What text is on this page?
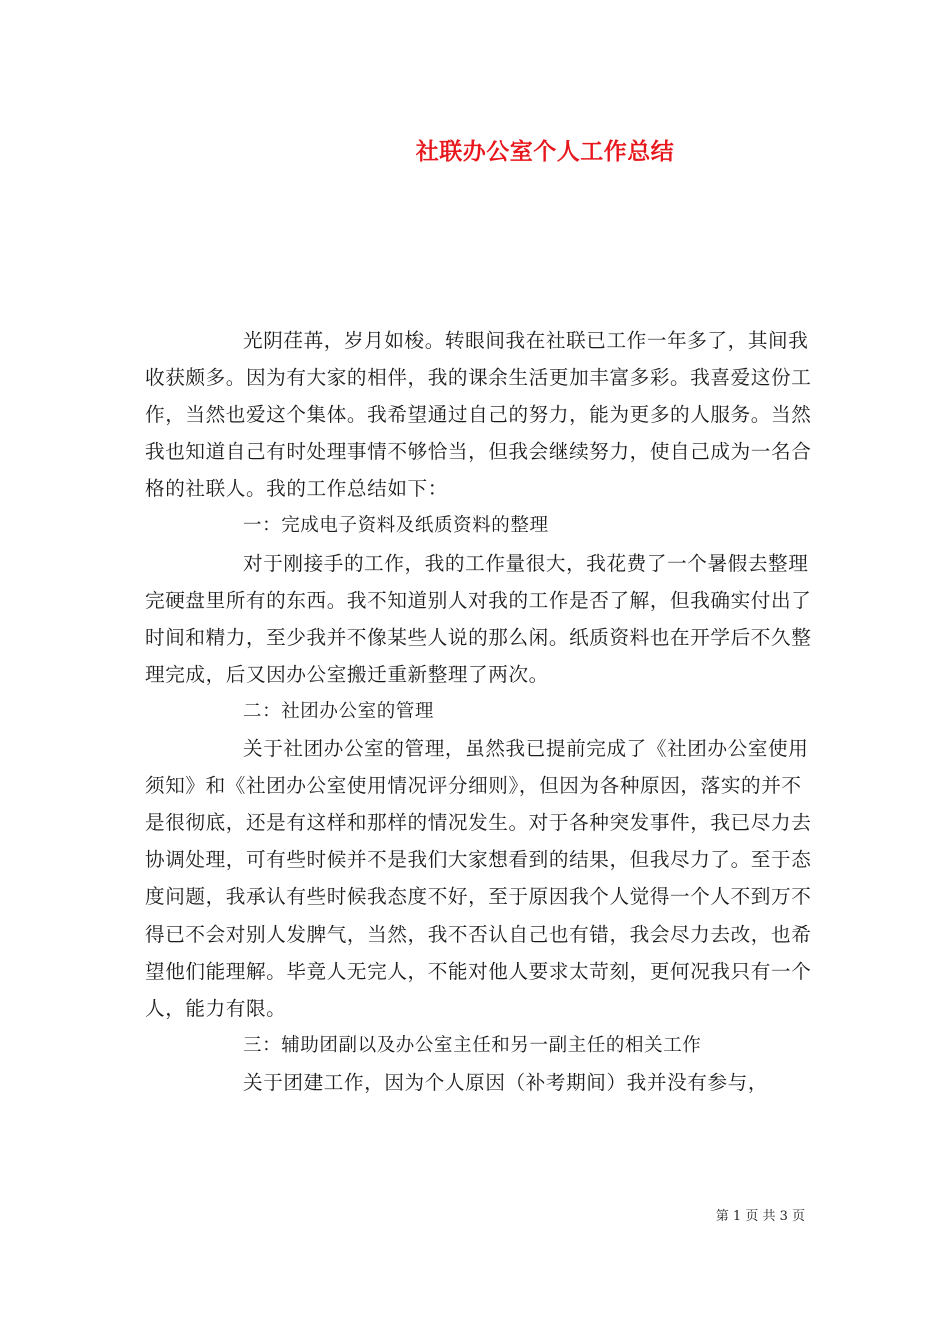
社联办公室个人工作总结

光阴荏苒，岁月如梭。转眼间我在社联已工作一年多了，其间我收获颇多。因为有大家的相伴，我的课余生活更加丰富多彩。我喜爱这份工作，当然也爱这个集体。我希望通过自己的努力，能为更多的人服务。当然我也知道自己有时处理事情不够恰当，但我会继续努力，使自己成为一名合格的社联人。我的工作总结如下：

一：完成电子资料及纸质资料的整理

对于刚接手的工作，我的工作量很大，我花费了一个暑假去整理完硬盘里所有的东西。我不知道别人对我的工作是否了解，但我确实付出了时间和精力，至少我并不像某些人说的那么闲。纸质资料也在开学后不久整理完成，后又因办公室搬迁重新整理了两次。

二：社团办公室的管理

关于社团办公室的管理，虽然我已提前完成了《社团办公室使用须知》和《社团办公室使用情况评分细则》，但因为各种原因，落实的并不是很彻底，还是有这样和那样的情况发生。对于各种突发事件，我已尽力去协调处理，可有些时候并不是我们大家想看到的结果，但我尽力了。至于态度问题，我承认有些时候我态度不好，至于原因我个人觉得一个人不到万不得已不会对别人发脾气，当然，我不否认自己也有错，我会尽力去改，也希望他们能理解。毕竟人无完人，不能对他人要求太苛刻，更何况我只有一个人，能力有限。

三：辅助团副以及办公室主任和另一副主任的相关工作

关于团建工作，因为个人原因（补考期间）我并没有参与，

第 1 页 共 3 页
